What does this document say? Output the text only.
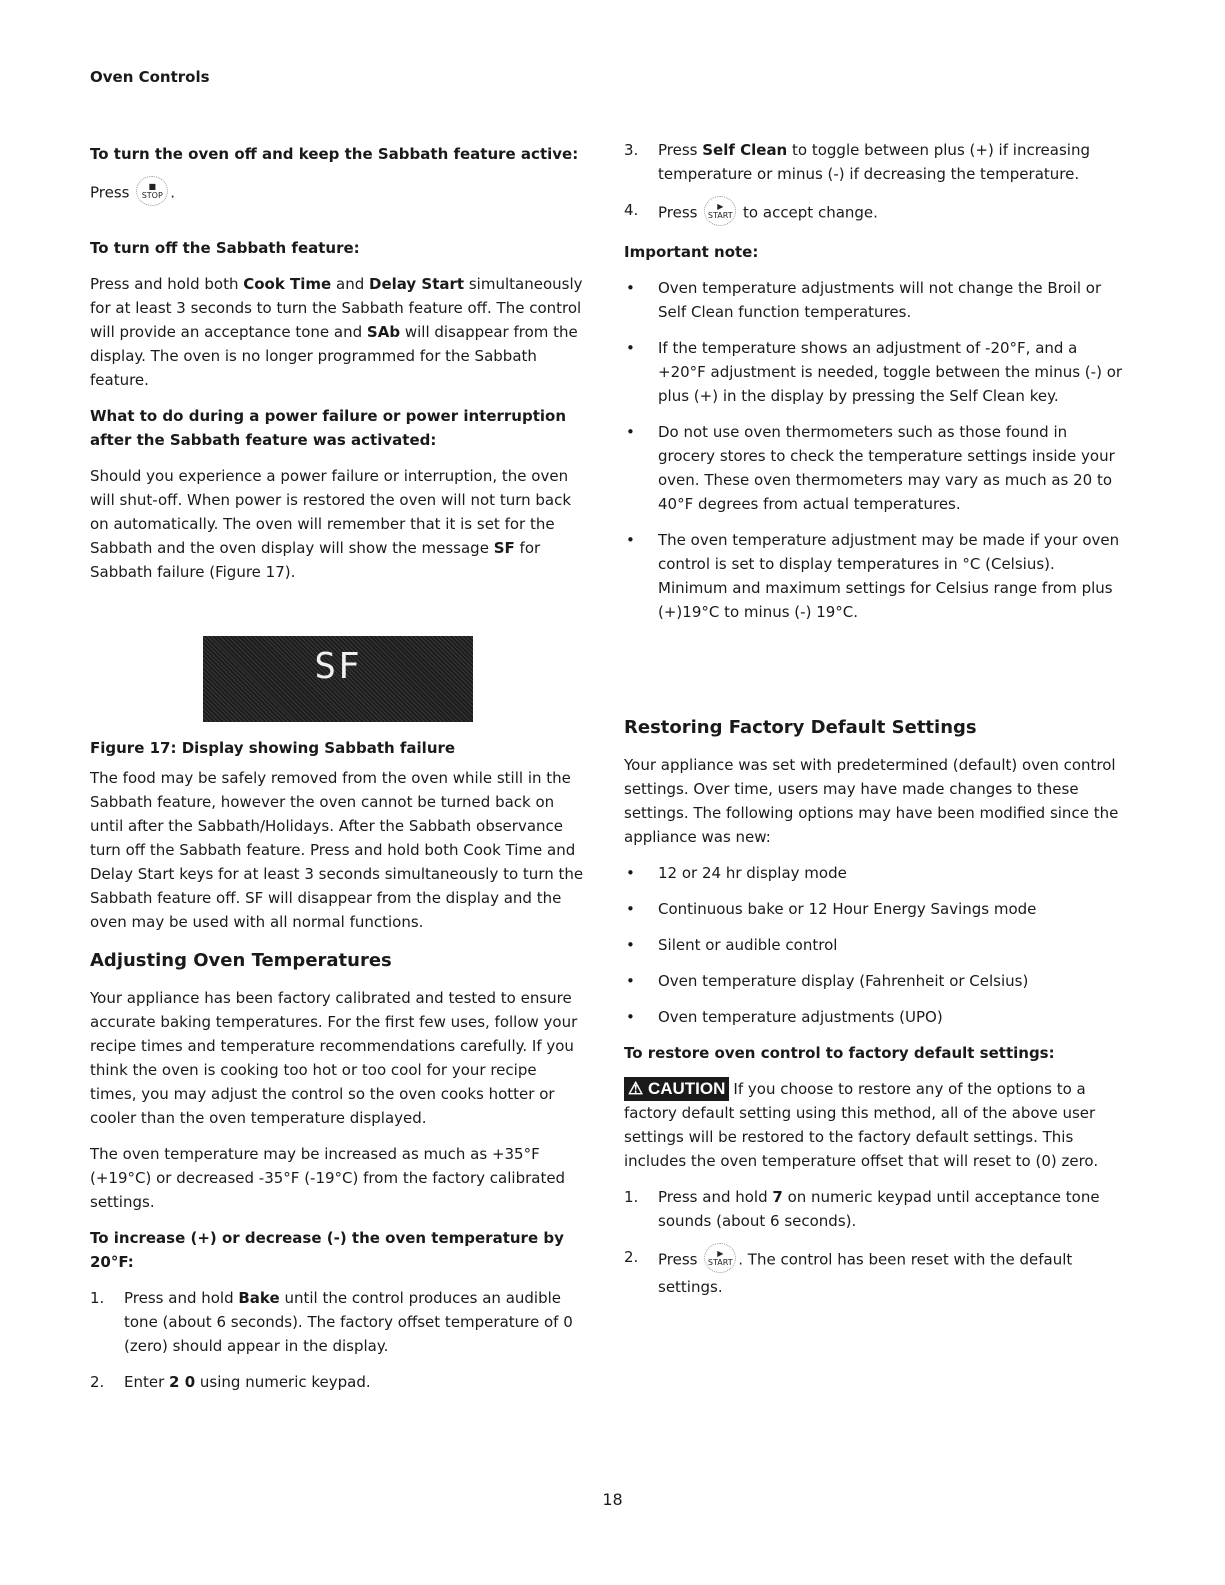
Oven Controls

To turn the oven off and keep the Sabbath feature active:

Press	■
STOP .

To turn off the Sabbath feature:

Press and hold both Cook Time and Delay Start simultaneously for at least 3 seconds to turn the Sabbath feature off. The control will provide an acceptance tone and SAb will disappear from the display. The oven is no longer programmed for the Sabbath feature.

What to do during a power failure or power interruption after the Sabbath feature was activated:

Should you experience a power failure or interruption, the oven will shut-off. When power is restored the oven will not turn back on automatically. The oven will remember that it is set for the Sabbath and the oven display will show the message SF for Sabbath failure (Figure 17).

SF

Figure 17: Display showing Sabbath failure

The food may be safely removed from the oven while still in the Sabbath feature, however the oven cannot be turned back on until after the Sabbath/Holidays. After the Sabbath observance turn off the Sabbath feature. Press and hold both Cook Time and Delay Start keys for at least 3 seconds simultaneously to turn the Sabbath feature off. SF will disappear from the display and the oven may be used with all normal functions.

Adjusting Oven Temperatures

Your appliance has been factory calibrated and tested to ensure accurate baking temperatures. For the first few uses, follow your recipe times and temperature recommendations carefully. If you think the oven is cooking too hot or too cool for your recipe times, you may adjust the control so the oven cooks hotter or cooler than the oven temperature displayed.

The oven temperature may be increased as much as +35°F (+19°C) or decreased -35°F (-19°C) from the factory calibrated settings.

To increase (+) or decrease (-) the oven temperature by 20°F:

1. Press and hold Bake until the control produces an audible tone (about 6 seconds). The factory offset temperature of 0 (zero) should appear in the display.
2. Enter 2 0 using numeric keypad.
3. Press Self Clean to toggle between plus (+) if increasing temperature or minus (-) if decreasing the temperature.
4. Press	▶
START to accept change.

Important note:

• Oven temperature adjustments will not change the Broil or Self Clean function temperatures.
• If the temperature shows an adjustment of -20°F, and a +20°F adjustment is needed, toggle between the minus (-) or plus (+) in the display by pressing the Self Clean key.
• Do not use oven thermometers such as those found in grocery stores to check the temperature settings inside your oven. These oven thermometers may vary as much as 20 to 40°F degrees from actual temperatures.
• The oven temperature adjustment may be made if your oven control is set to display temperatures in °C (Celsius). Minimum and maximum settings for Celsius range from plus (+)19°C to minus (-) 19°C.
Restoring Factory Default Settings

Your appliance was set with predetermined (default) oven control settings. Over time, users may have made changes to these settings. The following options may have been modified since the appliance was new:

• 12 or 24 hr display mode
• Continuous bake or 12 Hour Energy Savings mode
• Silent or audible control
• Oven temperature display (Fahrenheit or Celsius)
• Oven temperature adjustments (UPO)

To restore oven control to factory default settings:

⚠ CAUTION If you choose to restore any of the options to a factory default setting using this method, all of the above user settings will be restored to the factory default settings. This includes the oven temperature offset that will reset to (0) zero.

1. Press and hold 7 on numeric keypad until acceptance tone sounds (about 6 seconds).
2. Press	▶
START . The control has been reset with the default settings.
18
